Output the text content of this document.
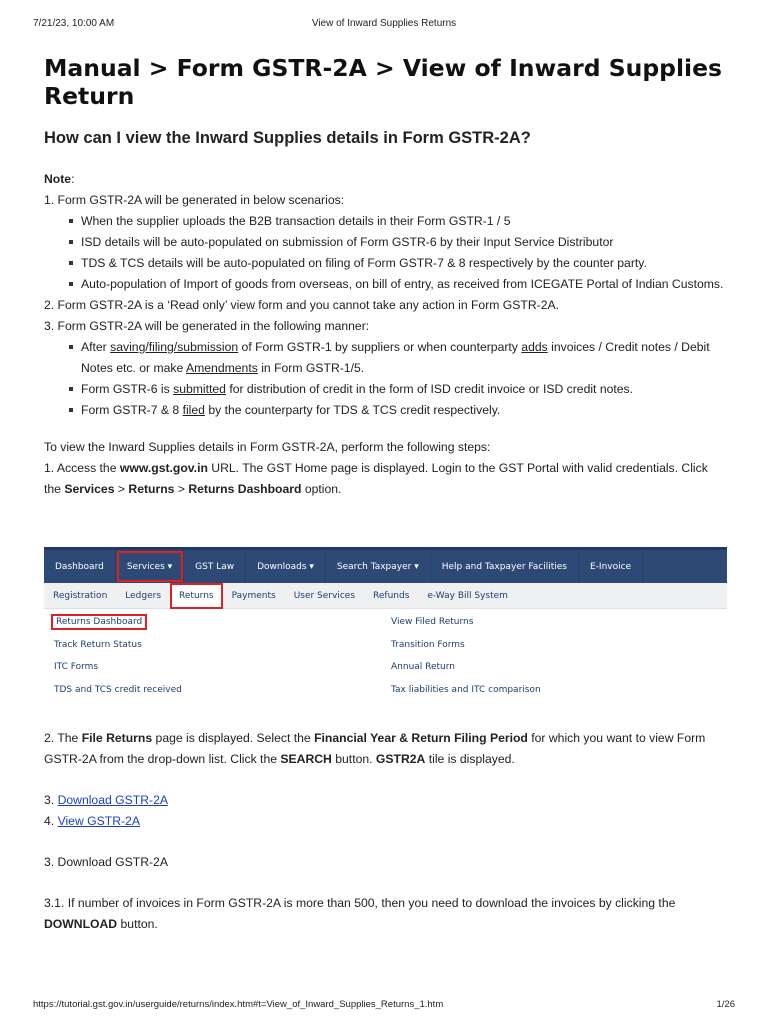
7/21/23, 10:00 AM	View of Inward Supplies Returns
Manual > Form GSTR-2A > View of Inward Supplies Return
How can I view the Inward Supplies details in Form GSTR-2A?

Note:

1. Form GSTR-2A will be generated in below scenarios:

When the supplier uploads the B2B transaction details in their Form GSTR-1 / 5
ISD details will be auto-populated on submission of Form GSTR-6 by their Input Service Distributor
TDS & TCS details will be auto-populated on filing of Form GSTR-7 & 8 respectively by the counter party.
Auto-population of Import of goods from overseas, on bill of entry, as received from ICEGATE Portal of Indian Customs.

2. Form GSTR-2A is a ‘Read only’ view form and you cannot take any action in Form GSTR-2A.

3. Form GSTR-2A will be generated in the following manner:

After saving/filing/submission of Form GSTR-1 by suppliers or when counterparty adds invoices / Credit notes / Debit Notes etc. or make Amendments in Form GSTR-1/5.
Form GSTR-6 is submitted for distribution of credit in the form of ISD credit invoice or ISD credit notes.
Form GSTR-7 & 8 filed by the counterparty for TDS & TCS credit respectively.

To view the Inward Supplies details in Form GSTR-2A, perform the following steps:

1. Access the www.gst.gov.in URL. The GST Home page is displayed. Login to the GST Portal with valid credentials. Click the Services > Returns > Returns Dashboard option.

Dashboard	Services ▾	GST Law	Downloads ▾	Search Taxpayer ▾	Help and Taxpayer Facilities	E-Invoice
Registration	Ledgers	Returns	Payments	User Services	Refunds	e-Way Bill System
Returns Dashboard
Track Return Status
ITC Forms
TDS and TCS credit received
View Filed Returns
Transition Forms
Annual Return
Tax liabilities and ITC comparison

2. The File Returns page is displayed. Select the Financial Year & Return Filing Period for which you want to view Form GSTR-2A from the drop-down list. Click the SEARCH button. GSTR2A tile is displayed.

3. Download GSTR-2A

4. View GSTR-2A

3. Download GSTR-2A

3.1. If number of invoices in Form GSTR-2A is more than 500, then you need to download the invoices by clicking the DOWNLOAD button.

https://tutorial.gst.gov.in/userguide/returns/index.htm#t=View_of_Inward_Supplies_Returns_1.htm	1/26
